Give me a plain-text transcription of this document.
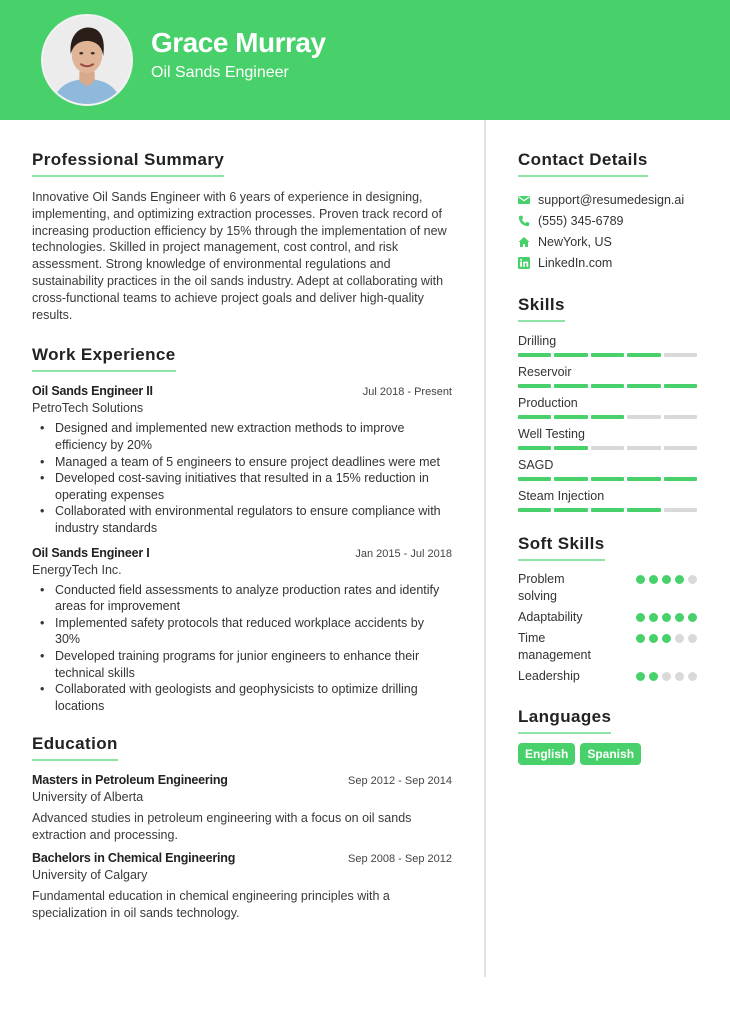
Grace Murray
Oil Sands Engineer
Professional Summary

Innovative Oil Sands Engineer with 6 years of experience in designing, implementing, and optimizing extraction processes. Proven track record of increasing production efficiency by 15% through the implementation of new technologies. Skilled in project management, cost control, and risk assessment. Strong knowledge of environmental regulations and sustainability practices in the oil sands industry. Adept at collaborating with cross-functional teams to achieve project goals and deliver high-quality results.

Work Experience
Oil Sands Engineer II	Jul 2018 - Present
PetroTech Solutions
• Designed and implemented new extraction methods to improve efficiency by 20%
• Managed a team of 5 engineers to ensure project deadlines were met
• Developed cost-saving initiatives that resulted in a 15% reduction in operating expenses
• Collaborated with environmental regulators to ensure compliance with industry standards
Oil Sands Engineer I	Jan 2015 - Jul 2018
EnergyTech Inc.
• Conducted field assessments to analyze production rates and identify areas for improvement
• Implemented safety protocols that reduced workplace accidents by 30%
• Developed training programs for junior engineers to enhance their technical skills
• Collaborated with geologists and geophysicists to optimize drilling locations
Education
Masters in Petroleum Engineering	Sep 2012 - Sep 2014
University of Alberta
Advanced studies in petroleum engineering with a focus on oil sands extraction and processing.
Bachelors in Chemical Engineering	Sep 2008 - Sep 2012
University of Calgary
Fundamental education in chemical engineering principles with a specialization in oil sands technology.
Contact Details
support@resumedesign.ai
(555) 345-6789
NewYork, US
LinkedIn.com
Skills
Drilling
Reservoir
Production
Well Testing
SAGD
Steam Injection
Soft Skills
Problem solving
Adaptability
Time management
Leadership
Languages
English	Spanish
